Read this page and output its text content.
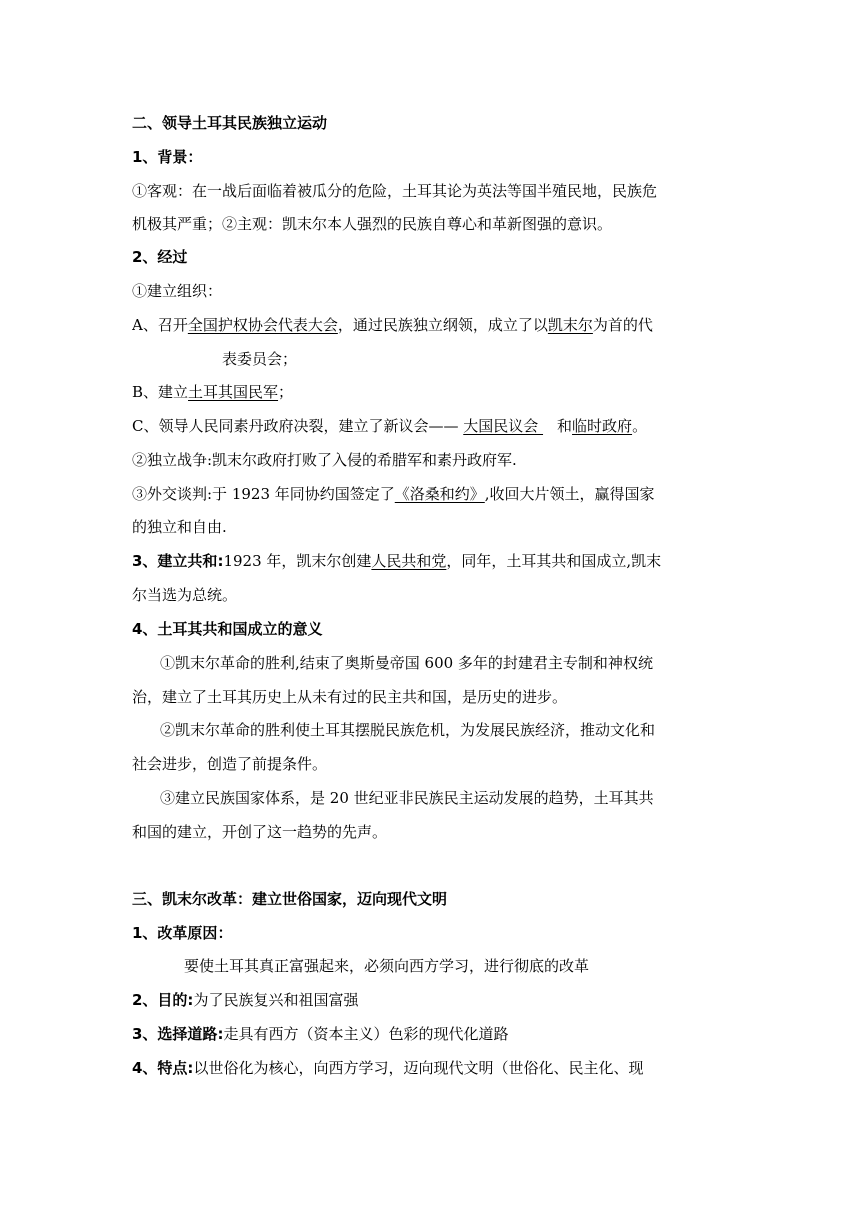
二、领导土耳其民族独立运动
1、背景：
①客观：在一战后面临着被瓜分的危险，土耳其论为英法等国半殖民地，民族危
机极其严重；②主观：凯末尔本人强烈的民族自尊心和革新图强的意识。
2、经过
①建立组织：
A、召开全国护权协会代表大会，通过民族独立纲领，成立了以凯末尔为首的代
表委员会；
B、建立土耳其国民军；
C、领导人民同素丹政府决裂，建立了新议会—— 大国民议会 和临时政府。
②独立战争:凯末尔政府打败了入侵的希腊军和素丹政府军.
③外交谈判:于 1923 年同协约国签定了《洛桑和约》,收回大片领土，赢得国家
的独立和自由.
3、建立共和:1923 年，凯末尔创建人民共和党，同年，土耳其共和国成立,凯末
尔当选为总统。
4、土耳其共和国成立的意义
①凯末尔革命的胜利,结束了奥斯曼帝国 600 多年的封建君主专制和神权统
治，建立了土耳其历史上从未有过的民主共和国，是历史的进步。
②凯末尔革命的胜利使土耳其摆脱民族危机，为发展民族经济，推动文化和
社会进步，创造了前提条件。
③建立民族国家体系，是 20 世纪亚非民族民主运动发展的趋势，土耳其共
和国的建立，开创了这一趋势的先声。
三、凯末尔改革：建立世俗国家，迈向现代文明
1、改革原因：
要使土耳其真正富强起来，必须向西方学习，进行彻底的改革
2、目的:为了民族复兴和祖国富强
3、选择道路:走具有西方（资本主义）色彩的现代化道路
4、特点:以世俗化为核心，向西方学习，迈向现代文明（世俗化、民主化、现
